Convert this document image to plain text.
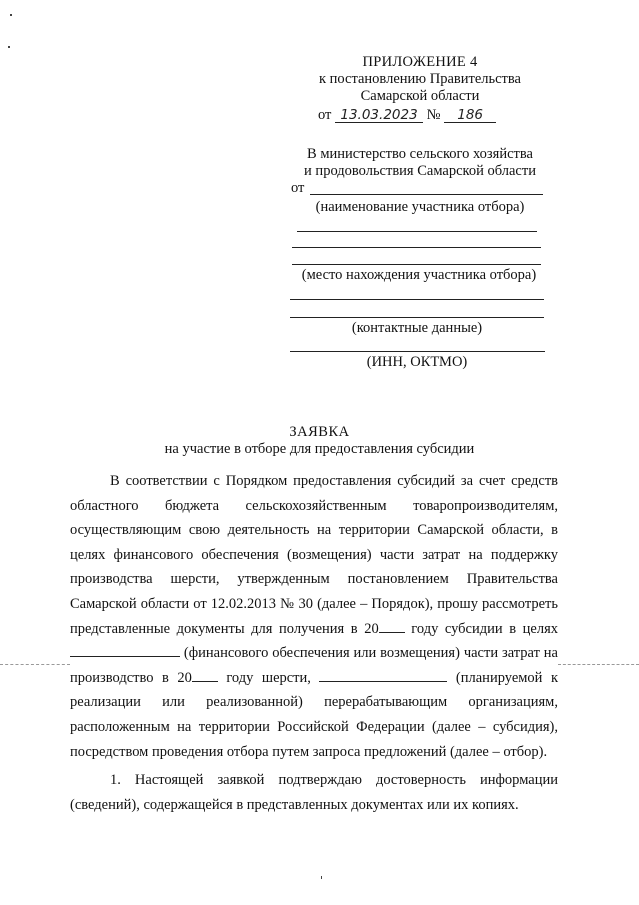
ПРИЛОЖЕНИЕ 4
к постановлению Правительства
Самарской области
от 13.03.2023 № 186
В министерство сельского хозяйства
и продовольствия Самарской области
от
(наименование участника отбора)
(место нахождения участника отбора)
(контактные данные)
(ИНН, ОКТМО)
ЗАЯВКА
на участие в отборе для предоставления субсидии

В соответствии с Порядком предоставления субсидий за счет средств областного бюджета сельскохозяйственным товаропроизводителям, осуществляющим свою деятельность на территории Самарской области, в целях финансового обеспечения (возмещения) части затрат на поддержку производства шерсти, утвержденным постановлением Правительства Самарской области от 12.02.2013 № 30 (далее – Порядок), прошу рассмотреть представленные документы для получения в 20 году субсидии в целях  (финансового обеспечения или возмещения) части затрат на производство в 20 году шерсти,	(планируемой к реализации или реализованной) перерабатывающим организациям, расположенным на территории Российской Федерации (далее – субсидия), посредством проведения отбора путем запроса предложений (далее – отбор).

1. Настоящей заявкой подтверждаю достоверность информации (сведений), содержащейся в представленных документах или их копиях.
